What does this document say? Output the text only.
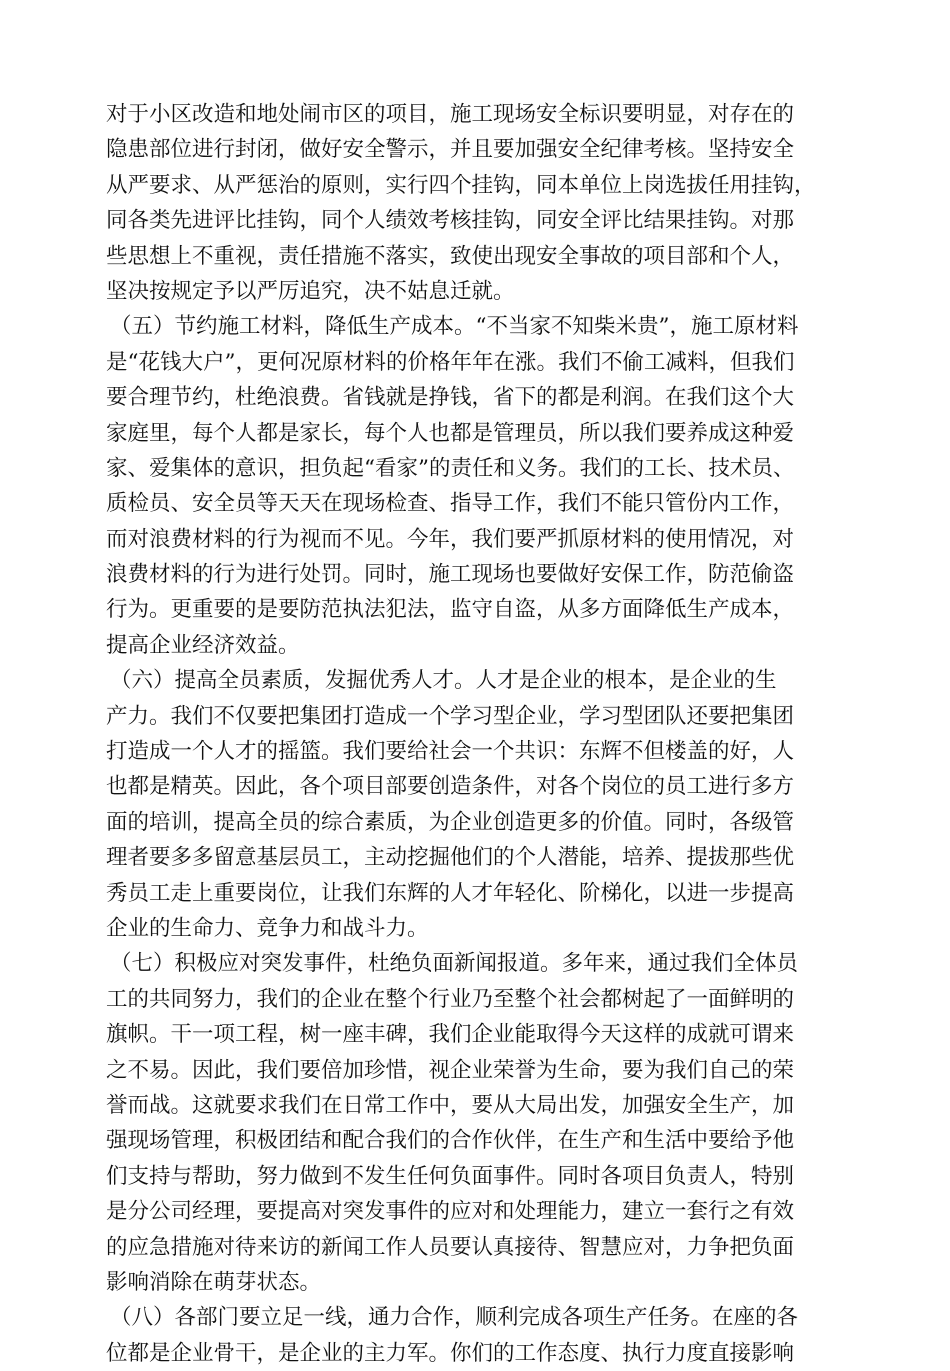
对于小区改造和地处闹市区的项目，施工现场安全标识要明显，对存在的
隐患部位进行封闭，做好安全警示，并且要加强安全纪律考核。坚持安全
从严要求、从严惩治的原则，实行四个挂钩，同本单位上岗选拔任用挂钩，
同各类先进评比挂钩，同个人绩效考核挂钩，同安全评比结果挂钩。对那
些思想上不重视，责任措施不落实，致使出现安全事故的项目部和个人，
坚决按规定予以严厉追究，决不姑息迁就。
（五）节约施工材料，降低生产成本。“不当家不知柴米贵”，施工原材料
是“花钱大户”，更何况原材料的价格年年在涨。我们不偷工减料，但我们
要合理节约，杜绝浪费。省钱就是挣钱，省下的都是利润。在我们这个大
家庭里，每个人都是家长，每个人也都是管理员，所以我们要养成这种爱
家、爱集体的意识，担负起“看家”的责任和义务。我们的工长、技术员、
质检员、安全员等天天在现场检查、指导工作，我们不能只管份内工作，
而对浪费材料的行为视而不见。今年，我们要严抓原材料的使用情况，对
浪费材料的行为进行处罚。同时，施工现场也要做好安保工作，防范偷盗
行为。更重要的是要防范执法犯法，监守自盗，从多方面降低生产成本，
提高企业经济效益。
（六）提高全员素质，发掘优秀人才。人才是企业的根本，是企业的生
产力。我们不仅要把集团打造成一个学习型企业，学习型团队还要把集团
打造成一个人才的摇篮。我们要给社会一个共识：东辉不但楼盖的好，人
也都是精英。因此，各个项目部要创造条件，对各个岗位的员工进行多方
面的培训，提高全员的综合素质，为企业创造更多的价值。同时，各级管
理者要多多留意基层员工，主动挖掘他们的个人潜能，培养、提拔那些优
秀员工走上重要岗位，让我们东辉的人才年轻化、阶梯化，以进一步提高
企业的生命力、竞争力和战斗力。
（七）积极应对突发事件，杜绝负面新闻报道。多年来，通过我们全体员
工的共同努力，我们的企业在整个行业乃至整个社会都树起了一面鲜明的
旗帜。干一项工程，树一座丰碑，我们企业能取得今天这样的成就可谓来
之不易。因此，我们要倍加珍惜，视企业荣誉为生命，要为我们自己的荣
誉而战。这就要求我们在日常工作中，要从大局出发，加强安全生产，加
强现场管理，积极团结和配合我们的合作伙伴，在生产和生活中要给予他
们支持与帮助，努力做到不发生任何负面事件。同时各项目负责人，特别
是分公司经理，要提高对突发事件的应对和处理能力，建立一套行之有效
的应急措施对待来访的新闻工作人员要认真接待、智慧应对，力争把负面
影响消除在萌芽状态。
（八）各部门要立足一线，通力合作，顺利完成各项生产任务。在座的各
位都是企业骨干，是企业的主力军。你们的工作态度、执行力度直接影响
